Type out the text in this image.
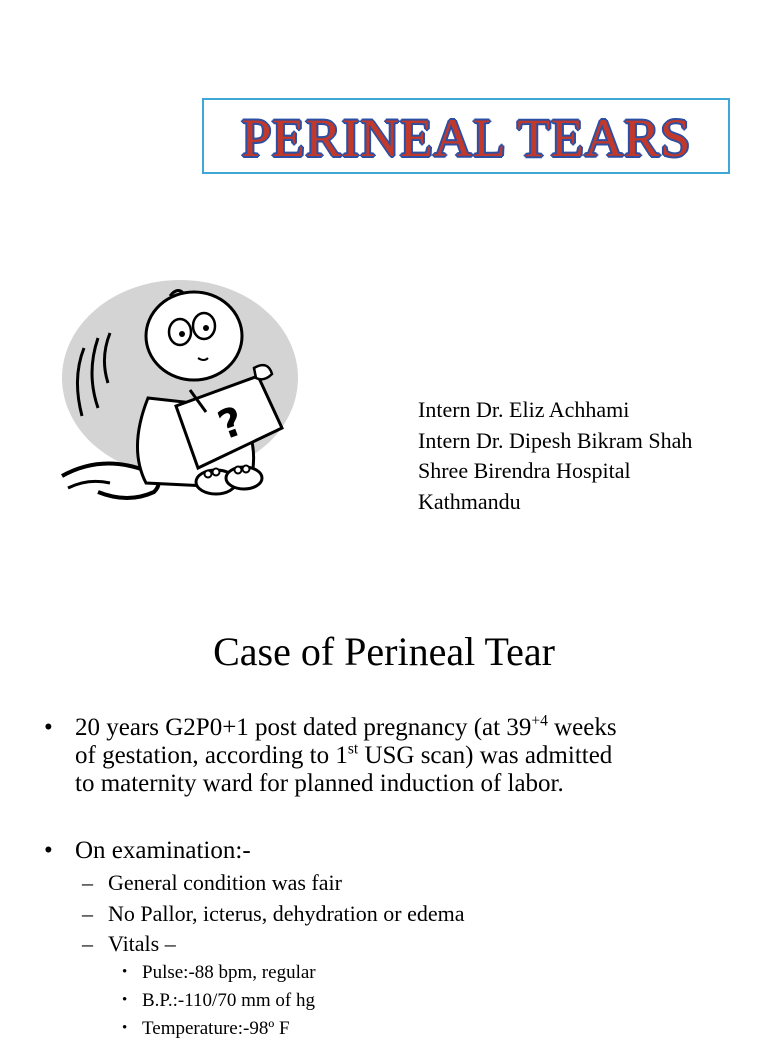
PERINEAL TEARS
?	Intern Dr. Eliz Achhami
Intern Dr. Dipesh Bikram Shah
Shree Birendra Hospital
Kathmandu
Case of Perineal Tear
• 20 years G2P0+1 post dated pregnancy (at $39^{+4}$ weeks
of gestation, according to 1st USG scan) was admitted
to maternity ward for planned induction of labor.
• On examination:-
– General condition was fair
– No Pallor, icterus, dehydration or edema
– Vitals –
• Pulse:-88 bpm, regular
• B.P.:-110/70 mm of hg
• Temperature:-98º F
